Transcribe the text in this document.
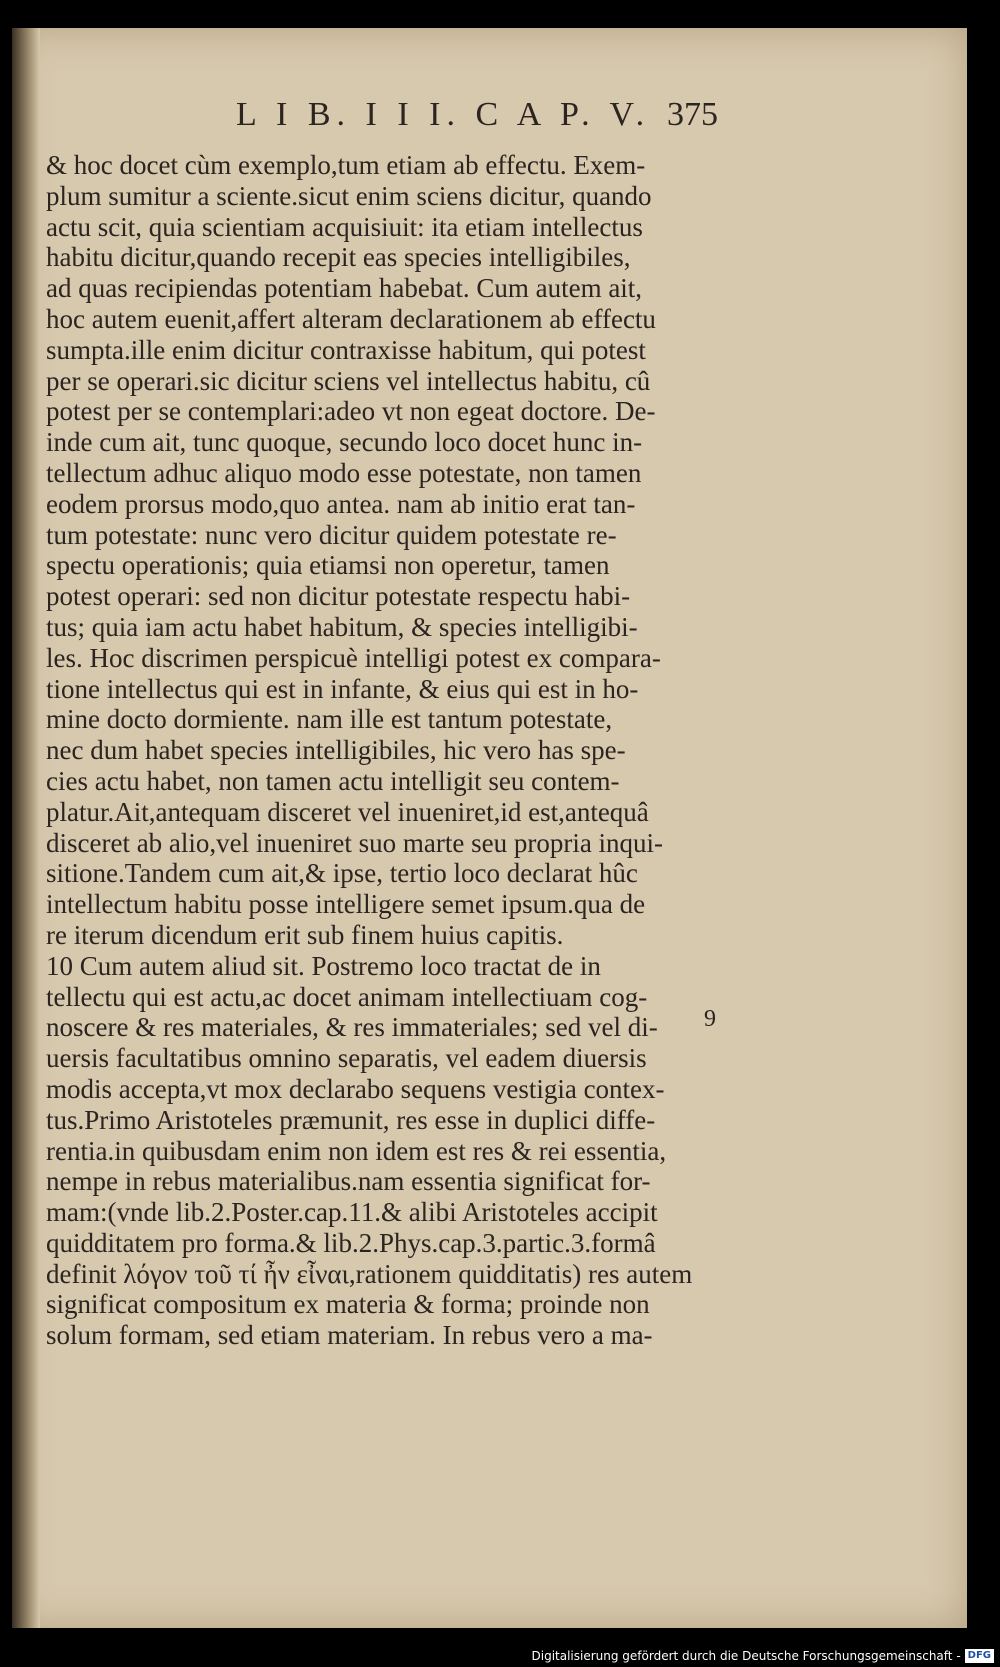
L I B. I I I. C A P. V. 375
& hoc docet cùm exemplo,tum etiam ab effectu. Exem-
plum sumitur a sciente.sicut enim sciens dicitur, quando
actu scit, quia scientiam acquisiuit: ita etiam intellectus
habitu dicitur,quando recepit eas species intelligibiles,
ad quas recipiendas potentiam habebat. Cum autem ait,
hoc autem euenit,affert alteram declarationem ab effectu
sumpta.ille enim dicitur contraxisse habitum, qui potest
per se operari.sic dicitur sciens vel intellectus habitu, cû
potest per se contemplari:adeo vt non egeat doctore. De-
inde cum ait, tunc quoque, secundo loco docet hunc in-
tellectum adhuc aliquo modo esse potestate, non tamen
eodem prorsus modo,quo antea. nam ab initio erat tan-
tum potestate: nunc vero dicitur quidem potestate re-
spectu operationis; quia etiamsi non operetur, tamen
potest operari: sed non dicitur potestate respectu habi-
tus; quia iam actu habet habitum, & species intelligibi-
les. Hoc discrimen perspicuè intelligi potest ex compara-
tione intellectus qui est in infante, & eius qui est in ho-
mine docto dormiente. nam ille est tantum potestate,
nec dum habet species intelligibiles, hic vero has spe-
cies actu habet, non tamen actu intelligit seu contem-
platur.Ait,antequam disceret vel inueniret,id est,antequâ
disceret ab alio,vel inueniret suo marte seu propria inqui-
sitione.Tandem cum ait,& ipse, tertio loco declarat hûc
intellectum habitu posse intelligere semet ipsum.qua de
re iterum dicendum erit sub finem huius capitis.
10 Cum autem aliud sit. Postremo loco tractat de in
tellectu qui est actu,ac docet animam intellectiuam cog-
noscere & res materiales, & res immateriales; sed vel di-
uersis facultatibus omnino separatis, vel eadem diuersis
modis accepta,vt mox declarabo sequens vestigia contex-
tus.Primo Aristoteles præmunit, res esse in duplici diffe-
rentia.in quibusdam enim non idem est res & rei essentia,
nempe in rebus materialibus.nam essentia significat for-
mam:(vnde lib.2.Poster.cap.11.& alibi Aristoteles accipit
quidditatem pro forma.& lib.2.Phys.cap.3.partic.3.formâ
definit λόγον τοῦ τί ἦν εἶναι,rationem quidditatis) res autem
significat compositum ex materia & forma; proinde non
solum formam, sed etiam materiam. In rebus vero a ma-
9
Digitalisierung gefördert durch die Deutsche Forschungsgemeinschaft - DFG
